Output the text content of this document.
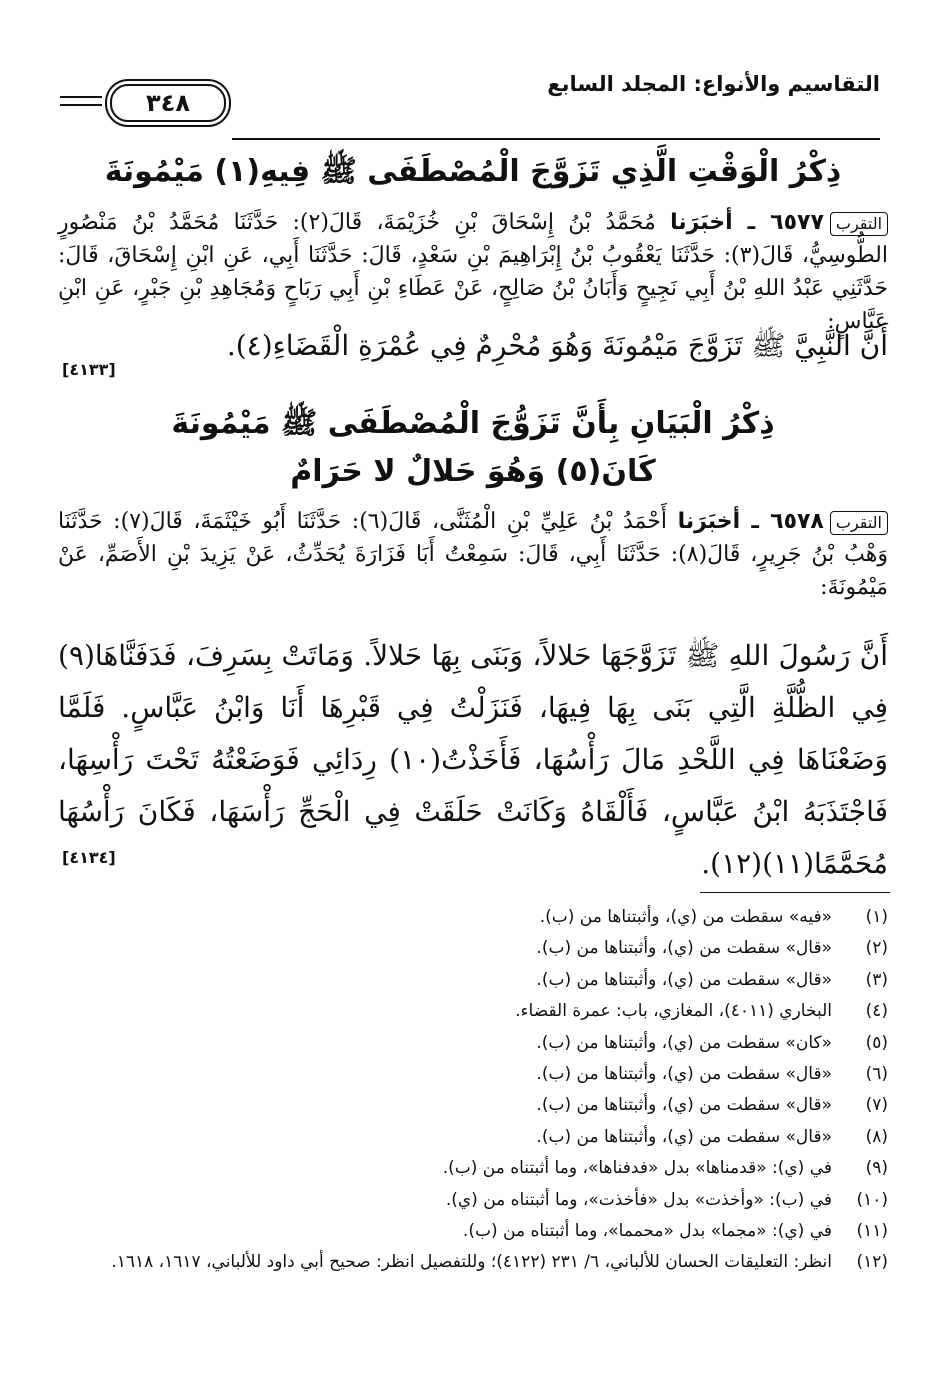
٣٤٨
التقاسيم والأنواع: المجلد السابع
ذِكْرُ الْوَقْتِ الَّذِي تَزَوَّجَ الْمُصْطَفَى ﷺ فِيهِ(١) مَيْمُونَةَ
التقرب٦٥٧٧ ـ أخبَرَنا مُحَمَّدُ بْنُ إِسْحَاقَ بْنِ خُزَيْمَةَ، قَالَ(٢): حَدَّثَنَا مُحَمَّدُ بْنُ مَنْصُورٍ الطُّوسِيُّ، قَالَ(٣): حَدَّثَنَا يَعْقُوبُ بْنُ إِبْرَاهِيمَ بْنِ سَعْدٍ، قَالَ: حَدَّثَنَا أَبِي، عَنِ ابْنِ إِسْحَاقَ، قَالَ: حَدَّثَنِي عَبْدُ اللهِ بْنُ أَبِي نَجِيحٍ وَأَبَانُ بْنُ صَالِحٍ، عَنْ عَطَاءِ بْنِ أَبِي رَبَاحٍ وَمُجَاهِدِ بْنِ جَبْرٍ، عَنِ ابْنِ عَبَّاسٍ:
أَنَّ النَّبِيَّ ﷺ تَزَوَّجَ مَيْمُونَةَ وَهُوَ مُحْرِمٌ فِي عُمْرَةِ الْقَضَاءِ(٤).
[٤١٣٣]
ذِكْرُ الْبَيَانِ بِأَنَّ تَزَوُّجَ الْمُصْطَفَى ﷺ مَيْمُونَةَ
كَانَ(٥) وَهُوَ حَلالٌ لا حَرَامٌ
التقرب٦٥٧٨ ـ أخبَرَنا أَحْمَدُ بْنُ عَلِيِّ بْنِ الْمُثَنَّى، قَالَ(٦): حَدَّثَنَا أَبُو خَيْثَمَةَ، قَالَ(٧): حَدَّثَنَا وَهْبُ بْنُ جَرِيرٍ، قَالَ(٨): حَدَّثَنَا أَبِي، قَالَ: سَمِعْتُ أَبَا فَزَارَةَ يُحَدِّثُ، عَنْ يَزِيدَ بْنِ الأَصَمِّ، عَنْ مَيْمُونَةَ:
أَنَّ رَسُولَ اللهِ ﷺ تَزَوَّجَهَا حَلالاً، وَبَنَى بِهَا حَلالاً. وَمَاتَتْ بِسَرِفَ، فَدَفَنَّاهَا(٩) فِي الظُّلَّةِ الَّتِي بَنَى بِهَا فِيهَا، فَنَزَلْتُ فِي قَبْرِهَا أَنَا وَابْنُ عَبَّاسٍ. فَلَمَّا وَضَعْنَاهَا فِي اللَّحْدِ مَالَ رَأْسُهَا، فَأَخَذْتُ(١٠) رِدَائِي فَوَضَعْتُهُ تَحْتَ رَأْسِهَا، فَاجْتَذَبَهُ ابْنُ عَبَّاسٍ، فَأَلْقَاهُ وَكَانَتْ حَلَقَتْ فِي الْحَجِّ رَأْسَهَا، فَكَانَ رَأْسُهَا مُحَمَّمًا(١١)(١٢).
[٤١٣٤]
(١)
«فيه» سقطت من (ي)، وأثبتناها من (ب).
(٢)
«قال» سقطت من (ي)، وأثبتناها من (ب).
(٣)
«قال» سقطت من (ي)، وأثبتناها من (ب).
(٤)
البخاري (٤٠١١)، المغازي، باب: عمرة القضاء.
(٥)
«كان» سقطت من (ي)، وأثبتناها من (ب).
(٦)
«قال» سقطت من (ي)، وأثبتناها من (ب).
(٧)
«قال» سقطت من (ي)، وأثبتناها من (ب).
(٨)
«قال» سقطت من (ي)، وأثبتناها من (ب).
(٩)
في (ي): «قدمناها» بدل «فدفناها»، وما أثبتناه من (ب).
(١٠)
في (ب): «وأخذت» بدل «فأخذت»، وما أثبتناه من (ي).
(١١)
في (ي): «مجما» بدل «محمما»، وما أثبتناه من (ب).
(١٢)
انظر: التعليقات الحسان للألباني، ٦/ ٢٣١ (٤١٢٢)؛ وللتفصيل انظر: صحيح أبي داود للألباني، ١٦١٧، ١٦١٨.
